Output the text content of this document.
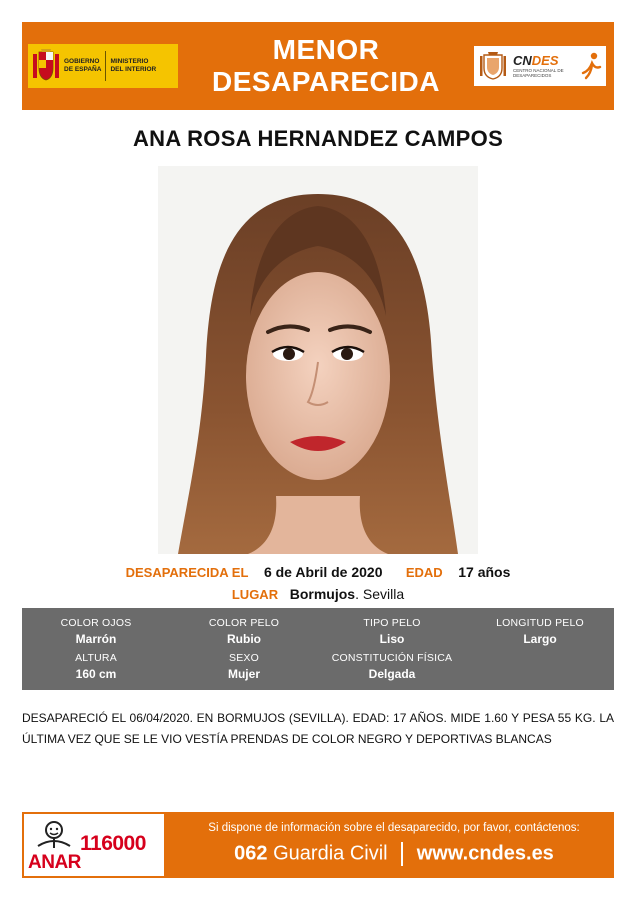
GOBIERNO
DE ESPAÑA
MINISTERIO
DEL INTERIOR
MENOR
DESAPARECIDA
CNDES
CENTRO NACIONAL DE DESAPARECIDOS
ANA ROSA HERNANDEZ CAMPOS
DESAPARECIDA EL 6 de Abril de 2020 EDAD 17 años
LUGAR Bormujos. Sevilla
COLOR OJOS
Marrón
COLOR PELO
Rubio
TIPO PELO
Liso
LONGITUD PELO
Largo
ALTURA
160 cm
SEXO
Mujer
CONSTITUCIÓN FÍSICA
Delgada
DESAPARECIÓ EL 06/04/2020. EN BORMUJOS (SEVILLA). EDAD: 17 AÑOS. MIDE 1.60 Y PESA 55 KG. LA ÚLTIMA VEZ QUE SE LE VIO VESTÍA PRENDAS DE COLOR NEGRO Y DEPORTIVAS BLANCAS
ANAR
116000
Si dispone de información sobre el desaparecido, por favor, contáctenos:
062 Guardia Civil www.cndes.es
